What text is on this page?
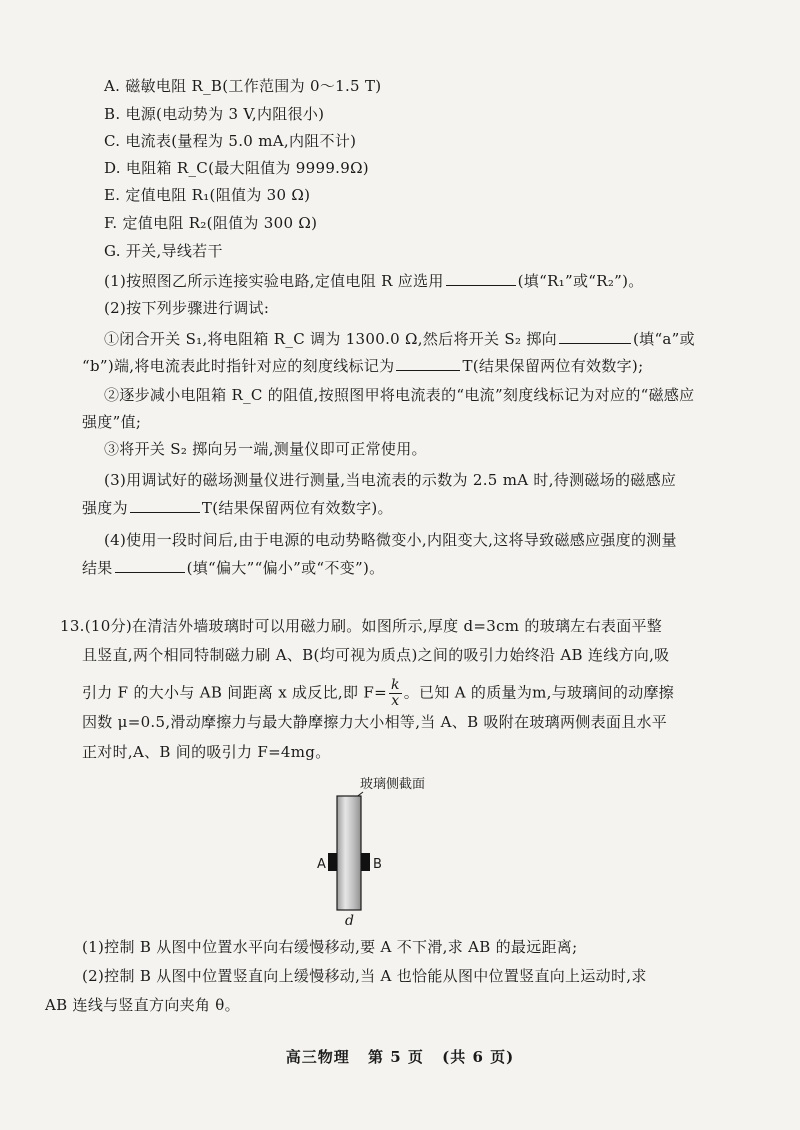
A. 磁敏电阻 R_B(工作范围为 0～1.5 T)
B. 电源(电动势为 3 V,内阻很小)
C. 电流表(量程为 5.0 mA,内阻不计)
D. 电阻箱 R_C(最大阻值为 9999.9Ω)
E. 定值电阻 R₁(阻值为 30 Ω)
F. 定值电阻 R₂(阻值为 300 Ω)
G. 开关,导线若干
(1)按照图乙所示连接实验电路,定值电阻 R 应选用	(填“R₁”或“R₂”)。
(2)按下列步骤进行调试:
①闭合开关 S₁,将电阻箱 R_C 调为 1300.0 Ω,然后将开关 S₂ 掷向	(填“a”或
“b”)端,将电流表此时指针对应的刻度线标记为	T(结果保留两位有效数字);
②逐步减小电阻箱 R_C 的阻值,按照图甲将电流表的“电流”刻度线标记为对应的“磁感应
强度”值;
③将开关 S₂ 掷向另一端,测量仪即可正常使用。
(3)用调试好的磁场测量仪进行测量,当电流表的示数为 2.5 mA 时,待测磁场的磁感应
强度为	T(结果保留两位有效数字)。
(4)使用一段时间后,由于电源的电动势略微变小,内阻变大,这将导致磁感应强度的测量
结果	(填“偏大”“偏小”或“不变”)。
13.(10分)在清洁外墙玻璃时可以用磁力刷。如图所示,厚度 d=3cm 的玻璃左右表面平整
且竖直,两个相同特制磁力刷 A、B(均可视为质点)之间的吸引力始终沿 AB 连线方向,吸
引力 F 的大小与 AB 间距离 x 成反比,即 $F= \frac{k}{x}$ 。已知 A 的质量为m,与玻璃间的动摩擦
因数 μ=0.5,滑动摩擦力与最大静摩擦力大小相等,当 A、B 吸附在玻璃两侧表面且水平
正对时,A、B 间的吸引力 F=4mg。
玻璃侧截面
A	B
d
(1)控制 B 从图中位置水平向右缓慢移动,要 A 不下滑,求 AB 的最远距离;
(2)控制 B 从图中位置竖直向上缓慢移动,当 A 也恰能从图中位置竖直向上运动时,求
AB 连线与竖直方向夹角 θ。
高三物理 第 5 页 (共 6 页)
